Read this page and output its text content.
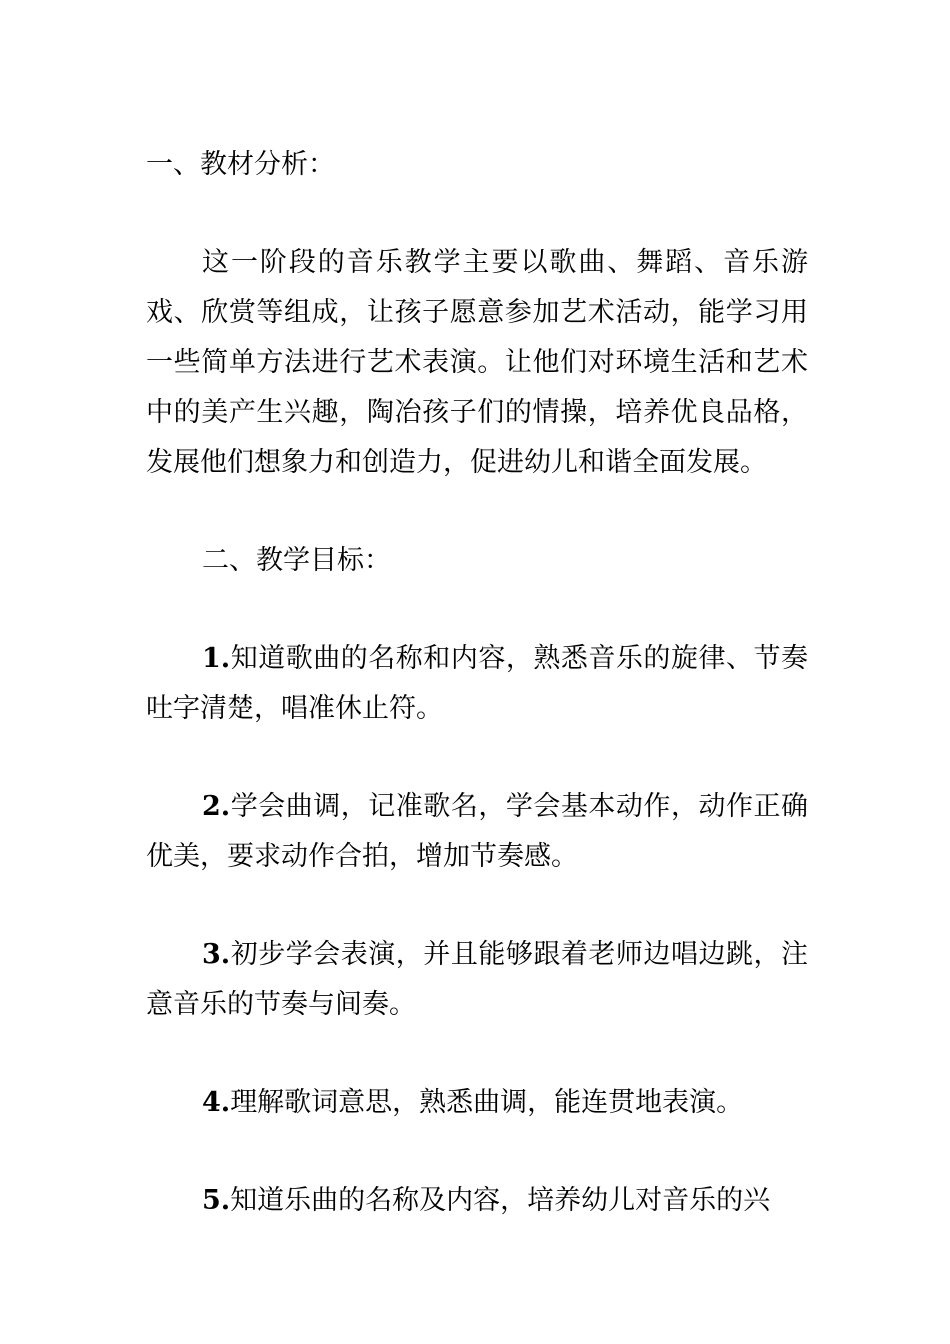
一、教材分析：

这一阶段的音乐教学主要以歌曲、舞蹈、音乐游戏、欣赏等组成，让孩子愿意参加艺术活动，能学习用一些简单方法进行艺术表演。让他们对环境生活和艺术中的美产生兴趣，陶冶孩子们的情操，培养优良品格，发展他们想象力和创造力，促进幼儿和谐全面发展。

二、教学目标：

1.知道歌曲的名称和内容，熟悉音乐的旋律、节奏吐字清楚，唱准休止符。

2.学会曲调，记准歌名，学会基本动作，动作正确优美，要求动作合拍，增加节奏感。

3.初步学会表演，并且能够跟着老师边唱边跳，注意音乐的节奏与间奏。

4.理解歌词意思，熟悉曲调，能连贯地表演。

5.知道乐曲的名称及内容，培养幼儿对音乐的兴
